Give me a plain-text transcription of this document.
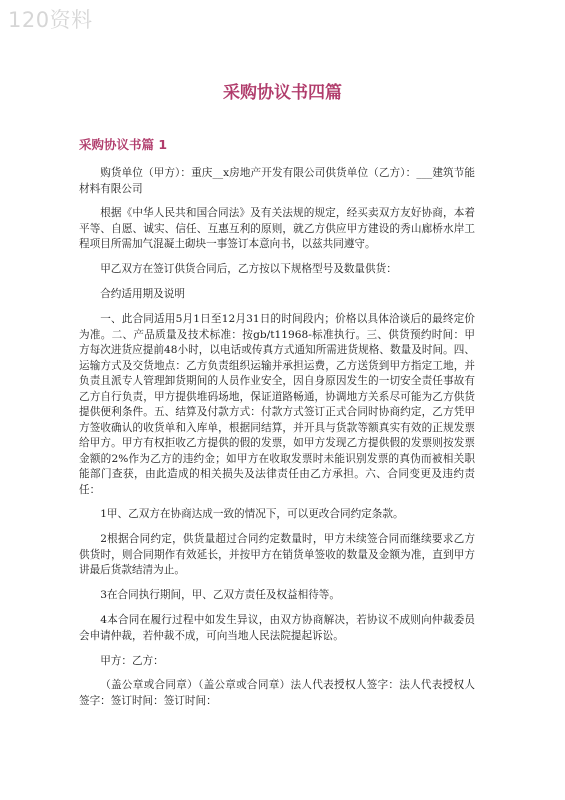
120资料
采购协议书四篇
采购协议书篇 1

购货单位（甲方）：重庆__x房地产开发有限公司供货单位（乙方）：___建筑节能材料有限公司

根据《中华人民共和国合同法》及有关法规的规定，经买卖双方友好协商，本着平等、自愿、诚实、信任、互惠互利的原则，就乙方供应甲方建设的秀山廊桥水岸工程项目所需加气混凝土砌块一事签订本意向书，以兹共同遵守。

甲乙双方在签订供货合同后，乙方按以下规格型号及数量供货：

合约适用期及说明

一、此合同适用5月1日至12月31日的时间段内；价格以具体洽谈后的最终定价为准。二、产品质量及技术标准：按gb/t11968-标准执行。三、供货预约时间：甲方每次进货应提前48小时，以电话或传真方式通知所需进货规格、数量及时间。四、运输方式及交货地点：乙方负责组织运输并承担运费，乙方送货到甲方指定工地，并负责且派专人管理卸货期间的人员作业安全，因自身原因发生的一切安全责任事故有乙方自行负责，甲方提供堆码场地，保证道路畅通，协调地方关系尽可能为乙方供货提供便利条件。五、结算及付款方式：付款方式签订正式合同时协商约定，乙方凭甲方签收确认的收货单和入库单，根据同结算，并开具与货款等额真实有效的正规发票给甲方。甲方有权拒收乙方提供的假的发票，如甲方发现乙方提供假的发票则按发票金额的2%作为乙方的违约金；如甲方在收取发票时未能识别发票的真伪而被相关职能部门查获，由此造成的相关损失及法律责任由乙方承担。六、合同变更及违约责任：

1甲、乙双方在协商达成一致的情况下，可以更改合同约定条款。

2根据合同约定，供货量超过合同约定数量时，甲方未续签合同而继续要求乙方供货时，则合同期作有效延长，并按甲方在销货单签收的数量及金额为准，直到甲方讲最后货款结清为止。

3在合同执行期间，甲、乙双方责任及权益相待等。

4本合同在履行过程中如发生异议，由双方协商解决，若协议不成则向仲裁委员会申请仲裁，若仲裁不成，可向当地人民法院提起诉讼。

甲方：乙方：

（盖公章或合同章）（盖公章或合同章）法人代表授权人签字：法人代表授权人签字：签订时间：签订时间：
